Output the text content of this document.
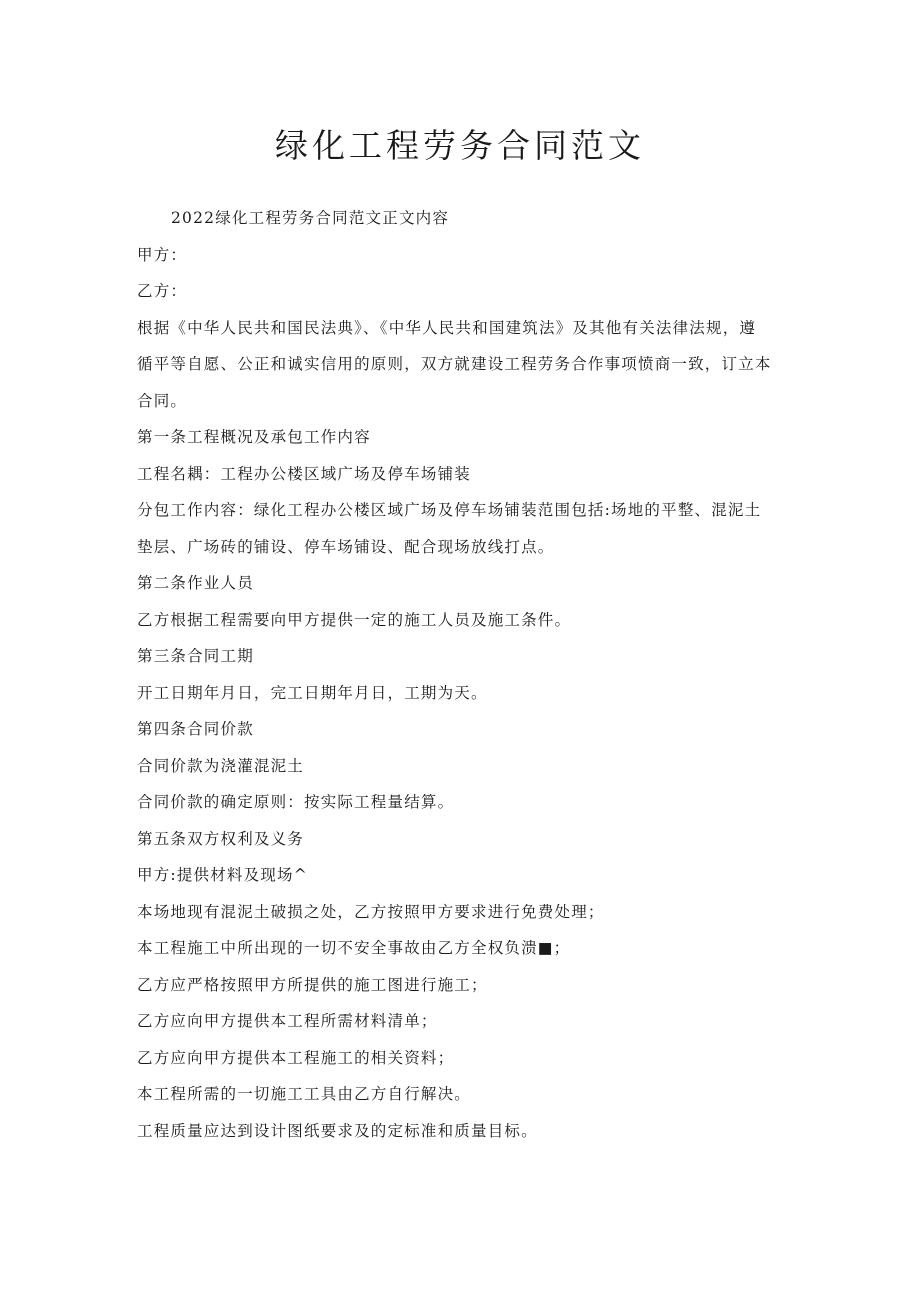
绿化工程劳务合同范文

2022绿化工程劳务合同范文正文内容

甲方：

乙方：

根据《中华人民共和国民法典》、《中华人民共和国建筑法》及其他有关法律法规，遵

循平等自愿、公正和诚实信用的原则，双方就建设工程劳务合作事项愤商一致，订立本

合同。

第一条工程概况及承包工作内容

工程名耦：工程办公楼区域广场及停车场铺装

分包工作内容：绿化工程办公楼区域广场及停车场铺装范围包括:场地的平整、混泥土

垫层、广场砖的铺设、停车场铺设、配合现场放线打点。

第二条作业人员

乙方根据工程需要向甲方提供一定的施工人员及施工条件。

第三条合同工期

开工日期年月日，完工日期年月日，工期为天。

第四条合同价款

合同价款为浇灌混泥土

合同价款的确定原则：按实际工程量结算。

第五条双方权利及义务

甲方:提供材料及现场^

本场地现有混泥土破损之处，乙方按照甲方要求进行免费处理；

本工程施工中所出现的一切不安全事故由乙方全权负溃■；

乙方应严格按照甲方所提供的施工图进行施工；

乙方应向甲方提供本工程所需材料清单；

乙方应向甲方提供本工程施工的相关资料；

本工程所需的一切施工工具由乙方自行解决。

工程质量应达到设计图纸要求及的定标准和质量目标。
